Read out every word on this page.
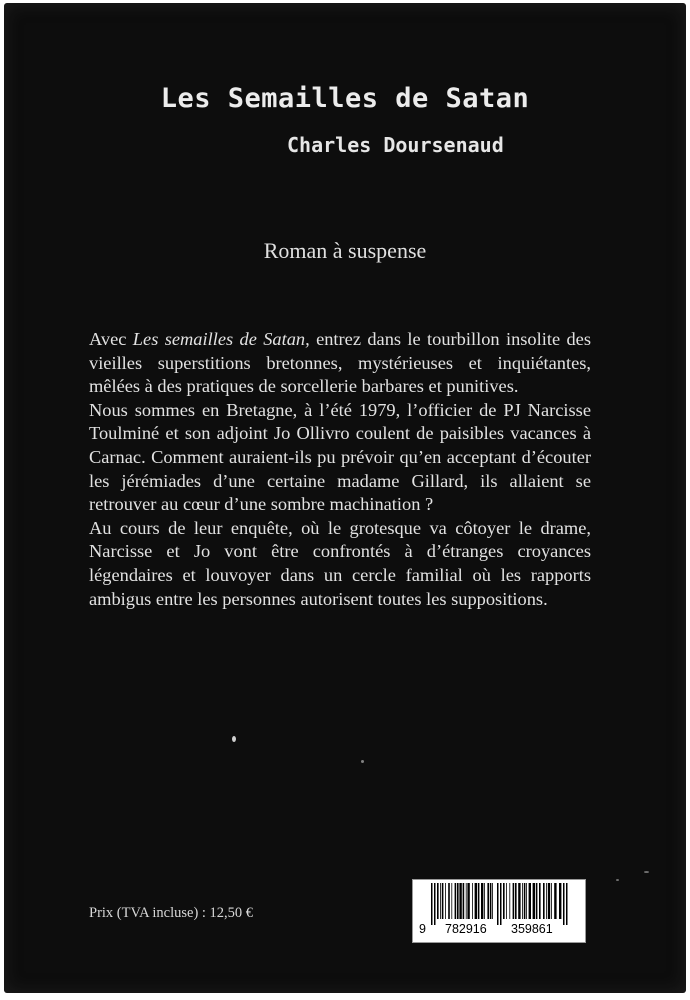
Les Semailles de Satan
Charles Doursenaud
Roman à suspense

Avec Les semailles de Satan, entrez dans le tourbillon insolite des vieilles superstitions bretonnes, mystérieuses et inquiétantes, mêlées à des pratiques de sorcellerie barbares et punitives.

Nous sommes en Bretagne, à l’été 1979, l’officier de PJ Narcisse Toulminé et son adjoint Jo Ollivro coulent de paisibles vacances à Carnac. Comment auraient-ils pu prévoir qu’en acceptant d’écouter les jérémiades d’une certaine madame Gillard, ils allaient se retrouver au cœur d’une sombre machination ?

Au cours de leur enquête, où le grotesque va côtoyer le drame, Narcisse et Jo vont être confrontés à d’étranges croyances légendaires et louvoyer dans un cercle familial où les rapports ambigus entre les personnes autorisent toutes les suppositions.

Prix (TVA incluse) : 12,50 €
9 782916 359861
